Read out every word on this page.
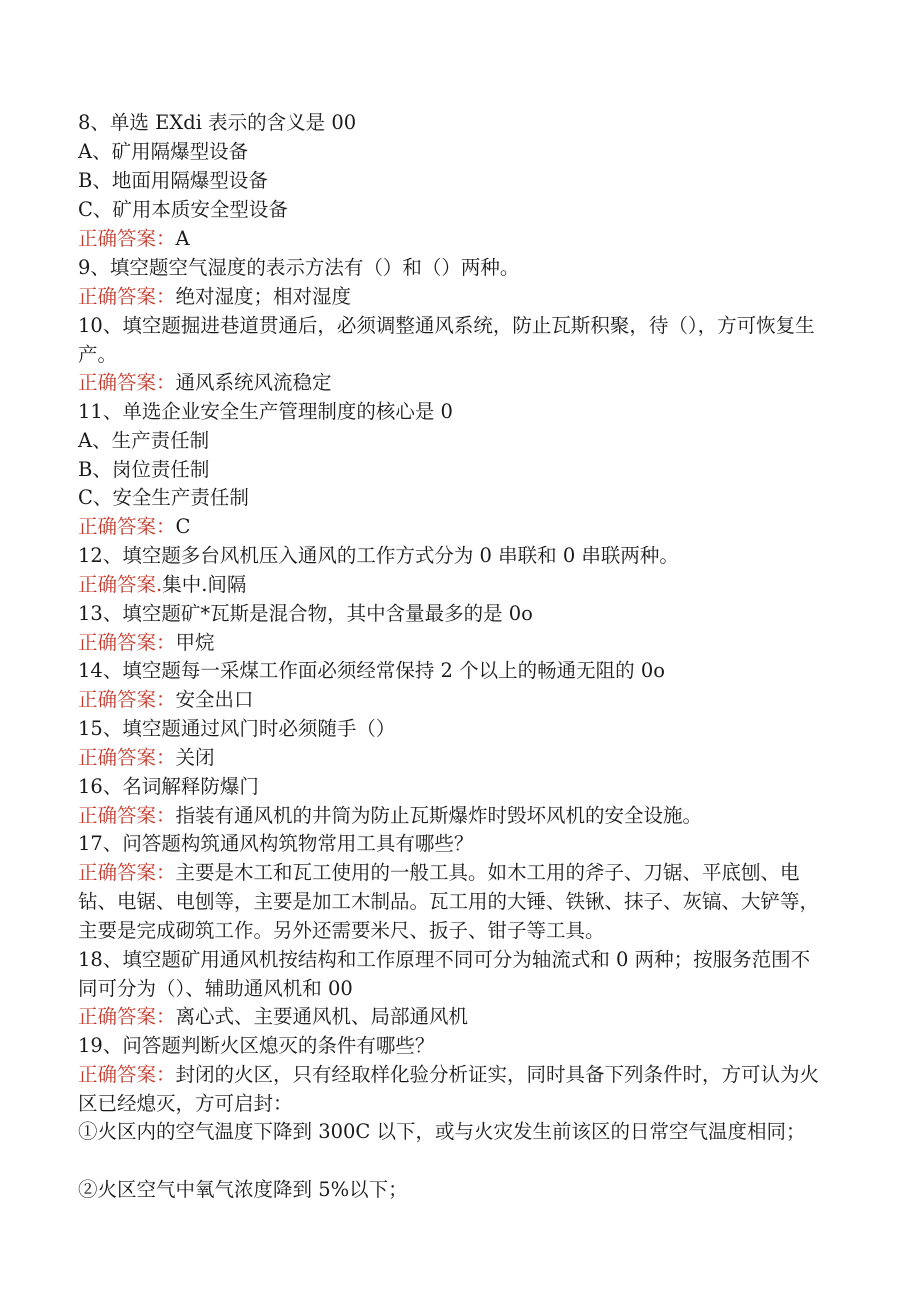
8、单选 EXdi 表示的含义是 00
A、矿用隔爆型设备
B、地面用隔爆型设备
C、矿用本质安全型设备
正确答案：A
9、填空题空气湿度的表示方法有（）和（）两种。
正确答案：绝对湿度；相对湿度
10、填空题掘进巷道贯通后，必须调整通风系统，防止瓦斯积聚，待（），方可恢复生产。
正确答案：通风系统风流稳定
11、单选企业安全生产管理制度的核心是 0
A、生产责任制
B、岗位责任制
C、安全生产责任制
正确答案：C
12、填空题多台风机压入通风的工作方式分为 0 串联和 0 串联两种。
正确答案.集中.间隔
13、填空题矿*瓦斯是混合物，其中含量最多的是 0o
正确答案：甲烷
14、填空题每一采煤工作面必须经常保持 2 个以上的畅通无阻的 0o
正确答案：安全出口
15、填空题通过风门时必须随手（）
正确答案：关闭
16、名词解释防爆门
正确答案：指装有通风机的井筒为防止瓦斯爆炸时毁坏风机的安全设施。
17、问答题构筑通风构筑物常用工具有哪些？
正确答案：主要是木工和瓦工使用的一般工具。如木工用的斧子、刀锯、平底刨、电钻、电锯、电刨等，主要是加工木制品。瓦工用的大锤、铁锹、抹子、灰镐、大铲等，主要是完成砌筑工作。另外还需要米尺、扳子、钳子等工具。
18、填空题矿用通风机按结构和工作原理不同可分为轴流式和 0 两种；按服务范围不同可分为（）、辅助通风机和 00
正确答案：离心式、主要通风机、局部通风机
19、问答题判断火区熄灭的条件有哪些？
正确答案：封闭的火区，只有经取样化验分析证实，同时具备下列条件时，方可认为火区已经熄灭，方可启封：
①火区内的空气温度下降到 300C 以下，或与火灾发生前该区的日常空气温度相同；
②火区空气中氧气浓度降到 5%以下；
